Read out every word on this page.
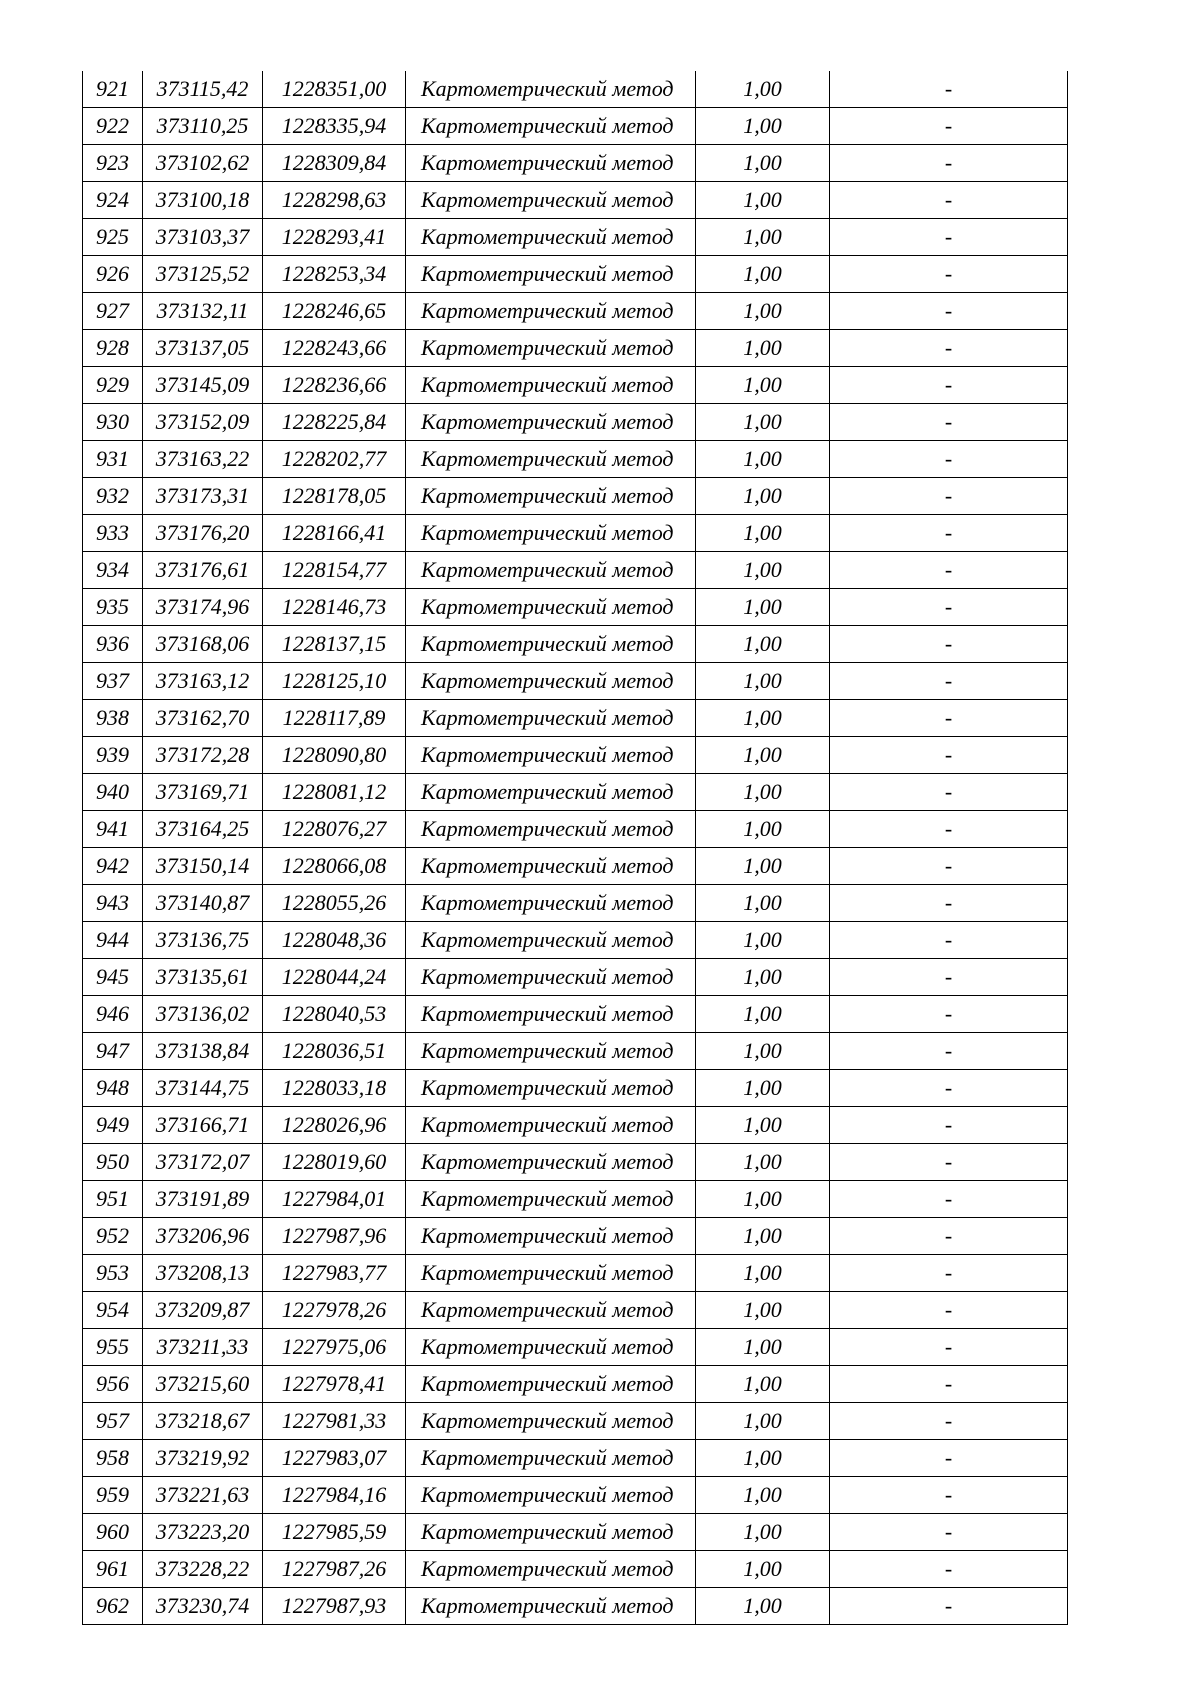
921	373115,42	1228351,00	Картометрический метод	1,00	-
922	373110,25	1228335,94	Картометрический метод	1,00	-
923	373102,62	1228309,84	Картометрический метод	1,00	-
924	373100,18	1228298,63	Картометрический метод	1,00	-
925	373103,37	1228293,41	Картометрический метод	1,00	-
926	373125,52	1228253,34	Картометрический метод	1,00	-
927	373132,11	1228246,65	Картометрический метод	1,00	-
928	373137,05	1228243,66	Картометрический метод	1,00	-
929	373145,09	1228236,66	Картометрический метод	1,00	-
930	373152,09	1228225,84	Картометрический метод	1,00	-
931	373163,22	1228202,77	Картометрический метод	1,00	-
932	373173,31	1228178,05	Картометрический метод	1,00	-
933	373176,20	1228166,41	Картометрический метод	1,00	-
934	373176,61	1228154,77	Картометрический метод	1,00	-
935	373174,96	1228146,73	Картометрический метод	1,00	-
936	373168,06	1228137,15	Картометрический метод	1,00	-
937	373163,12	1228125,10	Картометрический метод	1,00	-
938	373162,70	1228117,89	Картометрический метод	1,00	-
939	373172,28	1228090,80	Картометрический метод	1,00	-
940	373169,71	1228081,12	Картометрический метод	1,00	-
941	373164,25	1228076,27	Картометрический метод	1,00	-
942	373150,14	1228066,08	Картометрический метод	1,00	-
943	373140,87	1228055,26	Картометрический метод	1,00	-
944	373136,75	1228048,36	Картометрический метод	1,00	-
945	373135,61	1228044,24	Картометрический метод	1,00	-
946	373136,02	1228040,53	Картометрический метод	1,00	-
947	373138,84	1228036,51	Картометрический метод	1,00	-
948	373144,75	1228033,18	Картометрический метод	1,00	-
949	373166,71	1228026,96	Картометрический метод	1,00	-
950	373172,07	1228019,60	Картометрический метод	1,00	-
951	373191,89	1227984,01	Картометрический метод	1,00	-
952	373206,96	1227987,96	Картометрический метод	1,00	-
953	373208,13	1227983,77	Картометрический метод	1,00	-
954	373209,87	1227978,26	Картометрический метод	1,00	-
955	373211,33	1227975,06	Картометрический метод	1,00	-
956	373215,60	1227978,41	Картометрический метод	1,00	-
957	373218,67	1227981,33	Картометрический метод	1,00	-
958	373219,92	1227983,07	Картометрический метод	1,00	-
959	373221,63	1227984,16	Картометрический метод	1,00	-
960	373223,20	1227985,59	Картометрический метод	1,00	-
961	373228,22	1227987,26	Картометрический метод	1,00	-
962	373230,74	1227987,93	Картометрический метод	1,00	-
